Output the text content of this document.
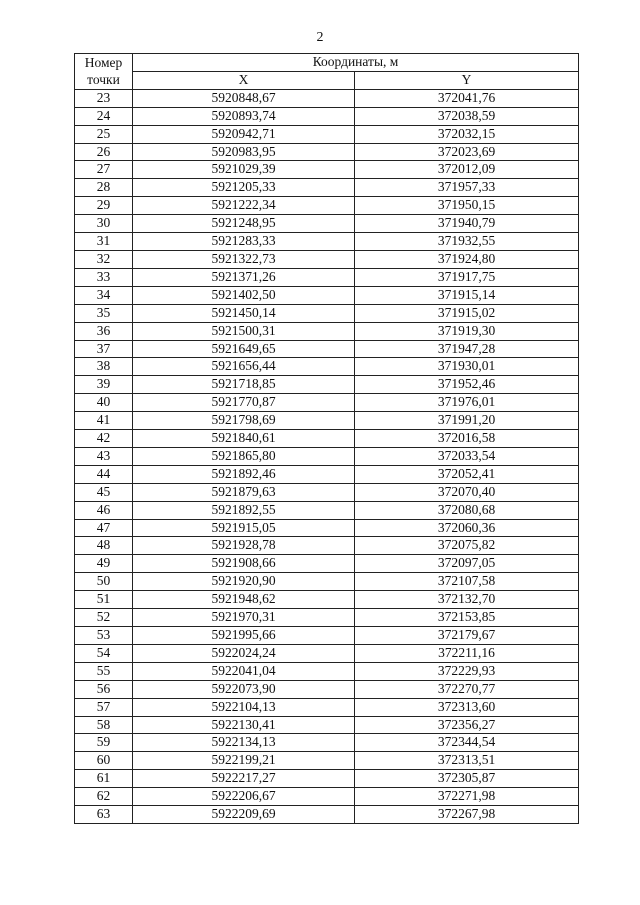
2
Номер
точки	Координаты, м	
	X	Y
23	5920848,67	372041,76
24	5920893,74	372038,59
25	5920942,71	372032,15
26	5920983,95	372023,69
27	5921029,39	372012,09
28	5921205,33	371957,33
29	5921222,34	371950,15
30	5921248,95	371940,79
31	5921283,33	371932,55
32	5921322,73	371924,80
33	5921371,26	371917,75
34	5921402,50	371915,14
35	5921450,14	371915,02
36	5921500,31	371919,30
37	5921649,65	371947,28
38	5921656,44	371930,01
39	5921718,85	371952,46
40	5921770,87	371976,01
41	5921798,69	371991,20
42	5921840,61	372016,58
43	5921865,80	372033,54
44	5921892,46	372052,41
45	5921879,63	372070,40
46	5921892,55	372080,68
47	5921915,05	372060,36
48	5921928,78	372075,82
49	5921908,66	372097,05
50	5921920,90	372107,58
51	5921948,62	372132,70
52	5921970,31	372153,85
53	5921995,66	372179,67
54	5922024,24	372211,16
55	5922041,04	372229,93
56	5922073,90	372270,77
57	5922104,13	372313,60
58	5922130,41	372356,27
59	5922134,13	372344,54
60	5922199,21	372313,51
61	5922217,27	372305,87
62	5922206,67	372271,98
63	5922209,69	372267,98
